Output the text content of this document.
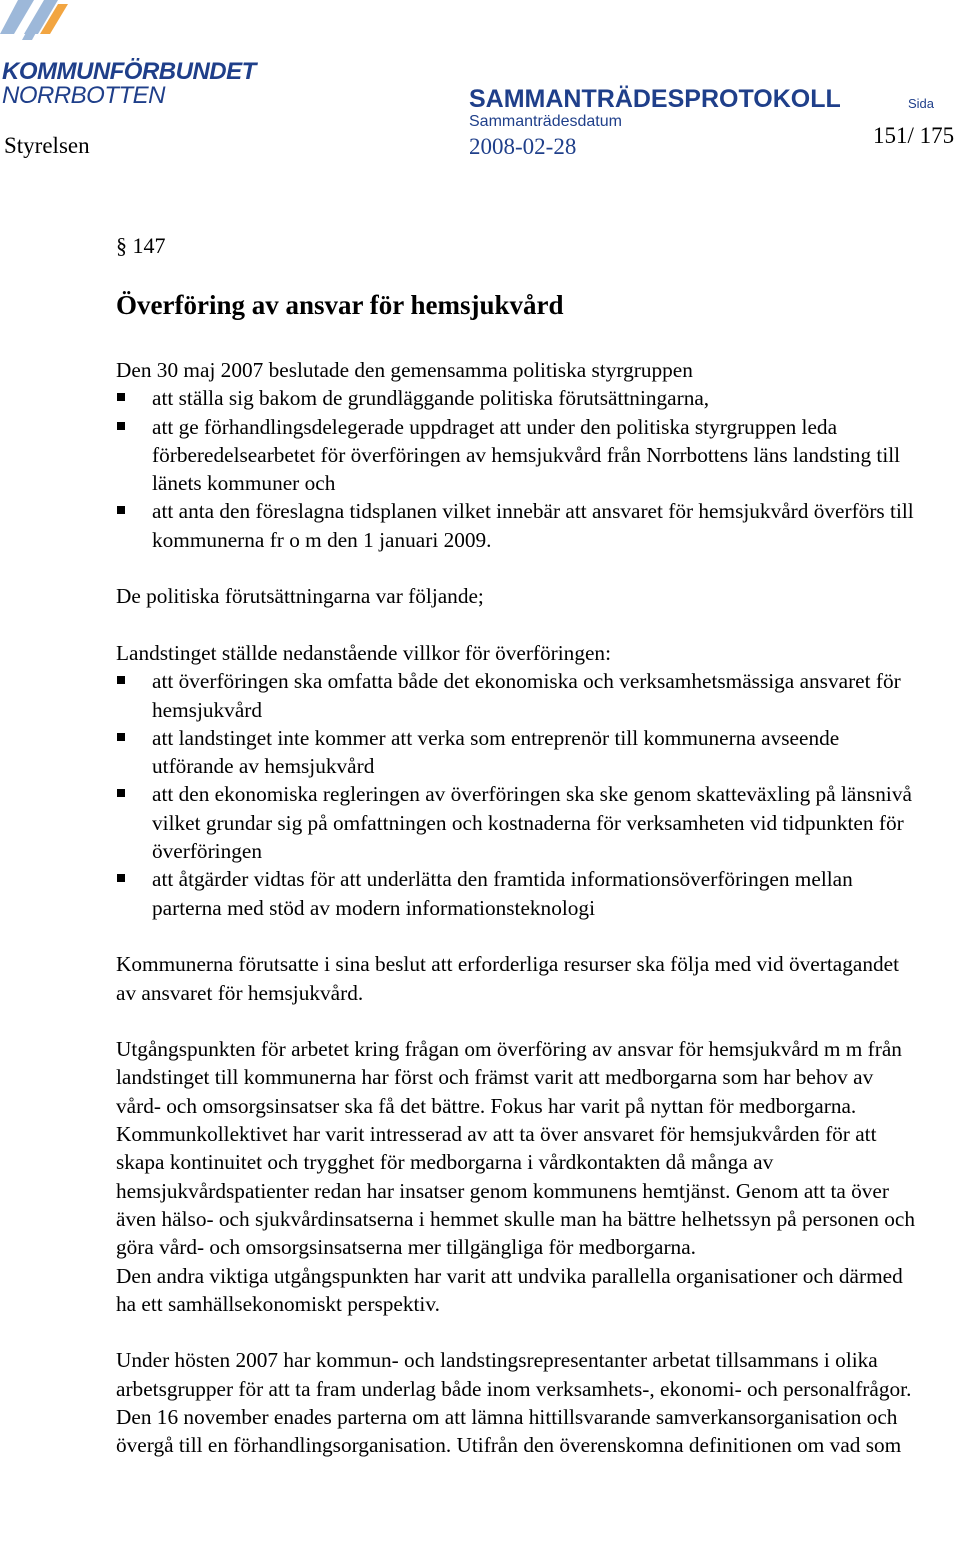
KOMMUNFÖRBUNDET
NORRBOTTEN
Styrelsen
SAMMANTRÄDESPROTOKOLL
Sammanträdesdatum
2008-02-28
Sida
151/ 175
§ 147
Överföring av ansvar för hemsjukvård

Den 30 maj 2007 beslutade den gemensamma politiska styrgruppen

att ställa sig bakom de grundläggande politiska förutsättningarna,
att ge förhandlingsdelegerade uppdraget att under den politiska styrgruppen leda förberedelsearbetet för överföringen av hemsjukvård från Norrbottens läns landsting till länets kommuner och
att anta den föreslagna tidsplanen vilket innebär att ansvaret för hemsjukvård överförs till kommunerna fr o m den 1 januari 2009.

De politiska förutsättningarna var följande;

Landstinget ställde nedanstående villkor för överföringen:

att överföringen ska omfatta både det ekonomiska och verksamhetsmässiga ansvaret för hemsjukvård
att landstinget inte kommer att verka som entreprenör till kommunerna avseende utförande av hemsjukvård
att den ekonomiska regleringen av överföringen ska ske genom skatteväxling på länsnivå vilket grundar sig på omfattningen och kostnaderna för verksamheten vid tidpunkten för överföringen
att åtgärder vidtas för att underlätta den framtida informationsöverföringen mellan parterna med stöd av modern informationsteknologi

Kommunerna förutsatte i sina beslut att erforderliga resurser ska följa med vid övertagandet av ansvaret för hemsjukvård.

Utgångspunkten för arbetet kring frågan om överföring av ansvar för hemsjukvård m m från landstinget till kommunerna har först och främst varit att medborgarna som har behov av vård- och omsorgsinsatser ska få det bättre. Fokus har varit på nyttan för medborgarna. Kommunkollektivet har varit intresserad av att ta över ansvaret för hemsjukvården för att skapa kontinuitet och trygghet för medborgarna i vårdkontakten då många av hemsjukvårdspatienter redan har insatser genom kommunens hemtjänst. Genom att ta över även hälso- och sjukvårdinsatserna i hemmet skulle man ha bättre helhetssyn på personen och göra vård- och omsorgsinsatserna mer tillgängliga för medborgarna.

Den andra viktiga utgångspunkten har varit att undvika parallella organisationer och därmed ha ett samhällsekonomiskt perspektiv.

Under hösten 2007 har kommun- och landstingsrepresentanter arbetat tillsammans i olika arbetsgrupper för att ta fram underlag både inom verksamhets-, ekonomi- och personalfrågor. Den 16 november enades parterna om att lämna hittillsvarande samverkansorganisation och övergå till en förhandlingsorganisation. Utifrån den överenskomna definitionen om vad som
